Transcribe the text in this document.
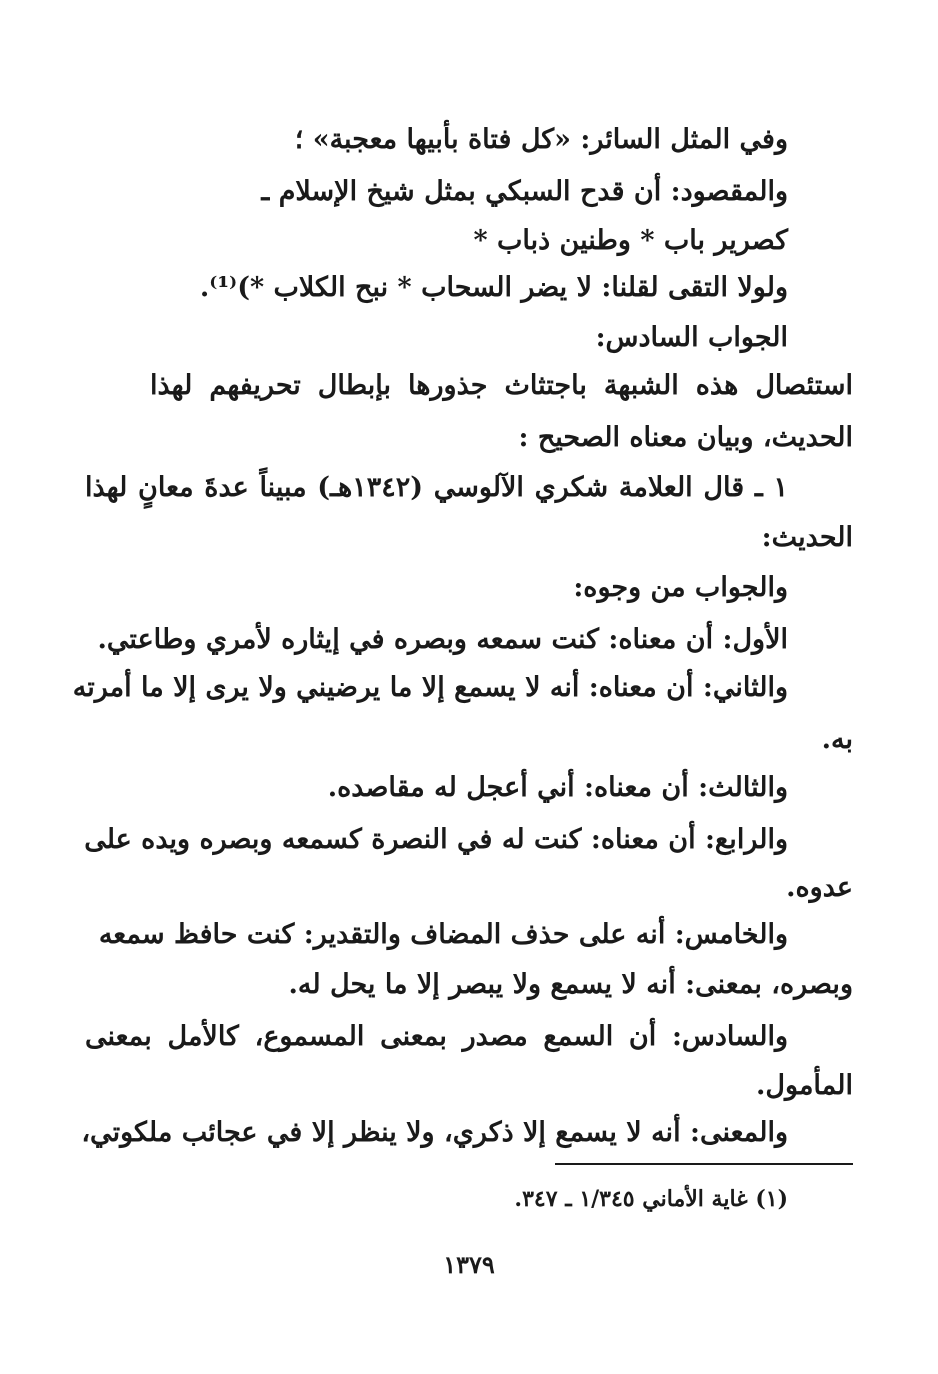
وفي المثل السائر: «كل فتاة بأبيها معجبة» ؛
والمقصود: أن قدح السبكي بمثل شيخ الإسلام ـ
كصرير باب * وطنين ذباب *
ولولا التقى لقلنا: لا يضر السحاب * نبح الكلاب *)⁽¹⁾.
الجواب السادس:
استئصال هذه الشبهة باجتثاث جذورها بإبطال تحريفهم لهذا
الحديث، وبيان معناه الصحيح :
١ ـ قال العلامة شكري الآلوسي (١٣٤٢هـ) مبيناً عدةَ معانٍ لهذا
الحديث:
والجواب من وجوه:
الأول: أن معناه: كنت سمعه وبصره في إيثاره لأمري وطاعتي.
والثاني: أن معناه: أنه لا يسمع إلا ما يرضيني ولا يرى إلا ما أمرته
به.
والثالث: أن معناه: أني أعجل له مقاصده.
والرابع: أن معناه: كنت له في النصرة كسمعه وبصره ويده على
عدوه.
والخامس: أنه على حذف المضاف والتقدير: كنت حافظ سمعه
وبصره، بمعنى: أنه لا يسمع ولا يبصر إلا ما يحل له.
والسادس: أن السمع مصدر بمعنى المسموع، كالأمل بمعنى
المأمول.
والمعنى: أنه لا يسمع إلا ذكري، ولا ينظر إلا في عجائب ملكوتي،
(١) غاية الأماني ١/٣٤٥ ـ ٣٤٧.
١٣٧٩
